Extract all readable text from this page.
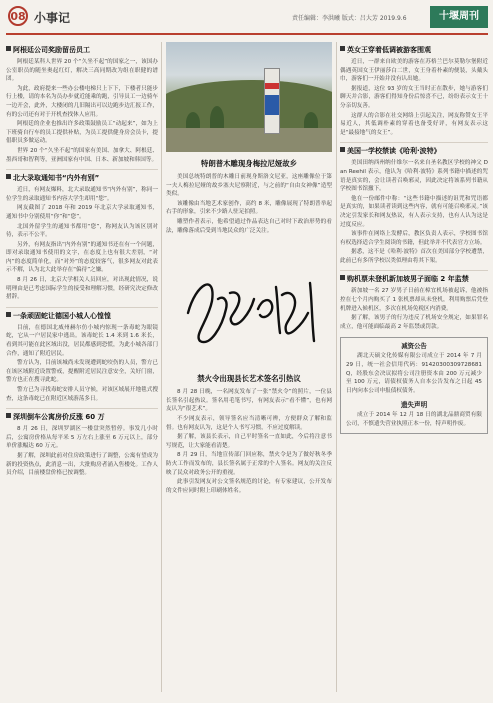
08 小事记	责任编辑：李洪曦 版式：吕大芳 2019.9.6	十堰周刊
阿根廷公司奖励留岳员工
阿根廷某科人世界 20 个“久坐不起”的国家之一，该国办公室职员的随坐奥起红灯，解决三高同期改为组在职健的谱团。
为此，政府提来一些办公楼电梯只上下下，下楼者只能步行上楼，请的本名为员办步就近能乘的跑，引导员工一边骑车一边开会，此外，大楼闭的几旧隔出可以边跑步边汇报工作，有的公司还有对于开机查找休人应用。
阿根廷的企业也推出许多政策鼓励员工“动起来”，如为上下班骑自行车的员工提供补贴，为员工提供健身房会员卡，提倡职员多做运动。
世界 20 个“久坐不起”的国家有美国、加拿大、阿根廷、墨西哥和智利等，亚洲国家有中国、日本、新加坡和韩国等。
北大录取通知书“内外有别”
近日，有网友爆料，北大录取通知书“内外有别”，称同一位学生的录取通知书内容大学生却用“您”。
网友截图了 2018 年和 2019 年北京大学录取通知书，通知书中分别使用“你”和“您”。
北国外留学生的通知书都用“您”，称网友认为该区别对待，表示不公平。
另外，有网友指出“内外有别”的通知书还在有一个问题，即对录取通知书使用的文字，在态度上也有很大差别，“对内”的态度简单化，而“对外”的态度较客气，很多网友对此表示不解，认为北大此举存在“偏待”之嫌。
8 月 26 日，北京大学相关人员回应，对出现此情况，说明理由是已考虑国际学生的接受和理解习惯，经研究决定修改措辞。
一条顽固蛇让德国小城人心惶惶
目前，在德国北威州赫尔仿小城内惊现一条毒蛇为眼镜蛇，它从一户居民家中逃出。该毒蛇长 1.4 米到 1.6 米长，看到其可能在此区域出没，居民都感到恐慌，为此小城各部门合作，通知了附近居民。
警方认为，目前该城尚未发现遭到蛇咬伤的人员，警方已在该区域附近设置警戒，提醒附近居民注意安全，关好门窗，警方也正在搜寻此蛇。
警方已为寻找毒蛇安排人员守候，对该区域展开地毯式搜查，这条毒蛇已在附近区域游荡多日。
深圳倒车公寓房价反涨 60 万
8 月 26 日，深圳罗湖区一楼盘突然暂停。事发几小时后，公寓房价格从每平米 5 万左右上涨至 6 万元以上，部分单价涨幅达 60 万元。
据了解，深圳此前对住房政策进行了调整，公寓有望成为新的投资热点，此消息一出，大批购房者涌入售楼处。工作人员介绍，目前楼盘价格已按调整。
特朗普木雕现身梅拉尼娅故乡
美国总统特朗普的木雕日前现身斯洛文尼亚，这座雕像位于第一夫人梅拉尼娅的故乡塞夫尼察附近，与之前的“自由女神像”造型类似。
该雕像由当地艺术家创作，高约 8 米，雕像展现了特朗普举起右手的形象，引来不少路人驻足拍照。
雕塑作者表示，他希望通过作品表达自己对时下政治形势的看法，雕像落成后受到当地民众的广泛关注。
禁火令出现县长艺术签名引热议
8 月 28 日晚，一名网友发布了一张“禁火令”的照片，一位县长签名引起热议。签名用毛笔书写，有网友表示“看不懂”，也有网友认为“很艺术”。
不少网友表示，领导签名应当清晰可辨，方便群众了解和监督。也有网友认为，这是个人书写习惯，不应过度解读。
据了解，该县长表示，自己平时签名一直如此，今后将注意书写规范，让大家能看清楚。
8 月 29 日，当地宣传部门回应称，禁火令是为了做好秋冬季防火工作而发布的，县长签名属于正常的个人签名。网友的关注反映了民众对政务公开的重视。
此事引发网友对公文签名规范的讨论，有专家建议，公开发布的文件应同时附上印刷体姓名。
英女王穿着低调被游客围观
近日，一群来自欧美的游客在苏格兰巴尔莫勒尔堡附近偶遇英国女王伊丽莎白二世，女王身着朴素的便装，头戴头巾，游客们一开始并没有认出她。
据报道，这位 93 岁的女王当时正在散步，她与游客们聊天并合影，游客们得知身份后惊喜不已，纷纷表示女王十分亲切友善。
这群人的合影在社交网络上引起关注，网友称赞女王平易近人，其低调朴素的穿着也备受好评，有网友表示这是“最接地气的女王”。
美国一学校禁读《哈利·波特》
美国田纳西州纳什维尔一名来自圣名教区学校的神父 Dan Reehil 表示，他认为《哈利·波特》系列书籍中描述的咒语是真实的，会让读者召唤邪灵，因此决定将该系列书籍从学校图书馆撤下。
他在一份邮件中称：“这些书籍中描述的诅咒和咒语都是真实的，如果读者读到这些内容，就有可能召唤邪灵。”该决定引发家长和网友热议，有人表示支持，也有人认为这是过度反应。
该事件在网络上发酵后，教区负责人表示，学校图书馆有权选择适合学生阅读的书籍，但此举并不代表官方立场。
据悉，这不是《哈利·波特》首次在美国部分学校遭禁，此前已有多所学校以类似理由将其下架。
购机票未登机新加坡男子面临 2 年监禁
新加坡一名 27 岁男子日前在樟宜机场被起诉，他被指控在七个月内购买了 1 张机票却从未登机，利用购票后凭登机牌进入候机区，多次在机场免税区内消费。
据了解，该男子的行为违反了机场安全规定，如果罪名成立，他可能面临最高 2 年监禁或罚款。
减资公告
湖北天硕文化传媒有限公司成立于 2014 年 7 月 29 日，统一社会信用代码：91420300309728681Q，经股东会决议拟将公司注册资本由 200 万元减少至 100 万元，请债权债务人自本公告发布之日起 45 日内向本公司申报债权债务。
遗失声明
成立于 2014 年 12 月 18 日的湖北品鼎商贸有限公司，不慎遗失营业执照正本一份，特声明作废。
